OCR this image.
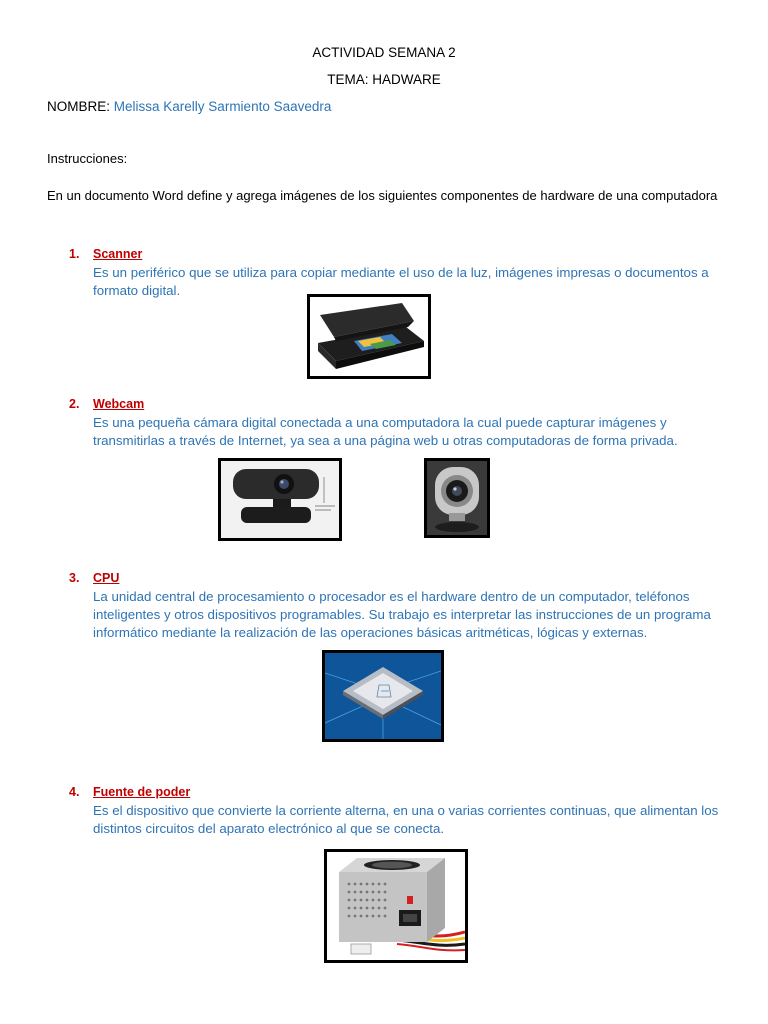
ACTIVIDAD SEMANA 2
TEMA: HADWARE
NOMBRE: Melissa Karelly Sarmiento Saavedra
Instrucciones:
En un documento Word define y agrega imágenes de los siguientes componentes de hardware de una computadora
1. Scanner
Es un periférico que se utiliza para copiar mediante el uso de la luz, imágenes impresas o documentos a formato digital.
2. Webcam
Es una pequeña cámara digital conectada a una computadora la cual puede capturar imágenes y transmitirlas a través de Internet, ya sea a una página web u otras computadoras de forma privada.
3. CPU
La unidad central de procesamiento o procesador es el hardware dentro de un computador, teléfonos inteligentes y otros dispositivos programables. Su trabajo es interpretar las instrucciones de un programa informático mediante la realización de las operaciones básicas aritméticas, lógicas y externas.
4. Fuente de poder
Es el dispositivo que convierte la corriente alterna, en una o varias corrientes continuas, que alimentan los distintos circuitos del aparato electrónico al que se conecta.
